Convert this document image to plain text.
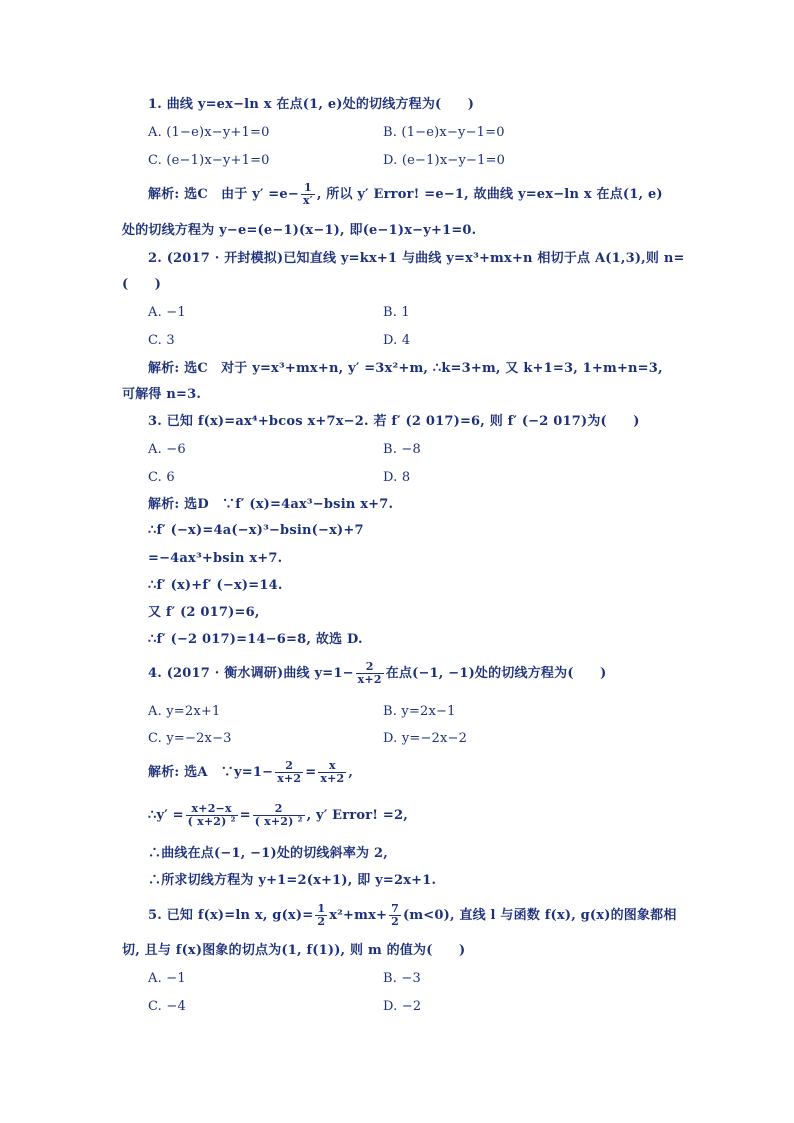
1. 曲线 y=ex−ln x 在点(1, e)处的切线方程为(　　)
A. (1−e)x−y+1=0	B. (1−e)x−y−1=0
C. (e−1)x−y+1=0	D. (e−1)x−y−1=0
解析: 选C　由于 $y' =e- \frac{1}{x'}$ , 所以 y′ Error! =e−1, 故曲线 y=ex−ln x 在点(1, e)
处的切线方程为 y−e=(e−1)(x−1), 即(e−1)x−y+1=0.
2. (2017 · 开封模拟)已知直线 y=kx+1 与曲线 y=x³+mx+n 相切于点 A(1,3),则 n=
(　　)
A. −1	B. 1
C. 3	D. 4
解析: 选C　对于 y=x³+mx+n, y′ =3x²+m, ∴k=3+m, 又 k+1=3, 1+m+n=3,
可解得 n=3.
3. 已知 f(x)=ax⁴+bcos x+7x−2. 若 f′ (2 017)=6, 则 f′ (−2 017)为(　　)
A. −6	B. −8
C. 6	D. 8
解析: 选D　∵f′ (x)=4ax³−bsin x+7.
∴f′ (−x)=4a(−x)³−bsin(−x)+7
=−4ax³+bsin x+7.
∴f′ (x)+f′ (−x)=14.
又 f′ (2 017)=6,
∴f′ (−2 017)=14−6=8, 故选 D.
4. (2017 · 衡水调研)曲线 $y=1- \frac{2}{x+2}$ 在点(−1, −1)处的切线方程为(　　)
A. y=2x+1	B. y=2x−1
C. y=−2x−3	D. y=−2x−2
解析: 选A　∵y=1− $\frac{2}{x+2} = \frac{x}{x+2}$ ,
∴y′ = $\frac{x+2-x}{\text{( x+2) ²}} = \frac{2}{\text{( x+2) ²}}$ , y′ Error! =2,
∴曲线在点(−1, −1)处的切线斜率为 2,
∴所求切线方程为 y+1=2(x+1), 即 y=2x+1.
5. 已知 f(x)=ln x, $g(x)= \frac{1}{2} x^2+mx+ \frac{7}{2} (m<0)$, 直线 l 与函数 f(x), g(x)的图象都相
切, 且与 f(x)图象的切点为(1, f(1)), 则 m 的值为(　　)
A. −1	B. −3
C. −4	D. −2
